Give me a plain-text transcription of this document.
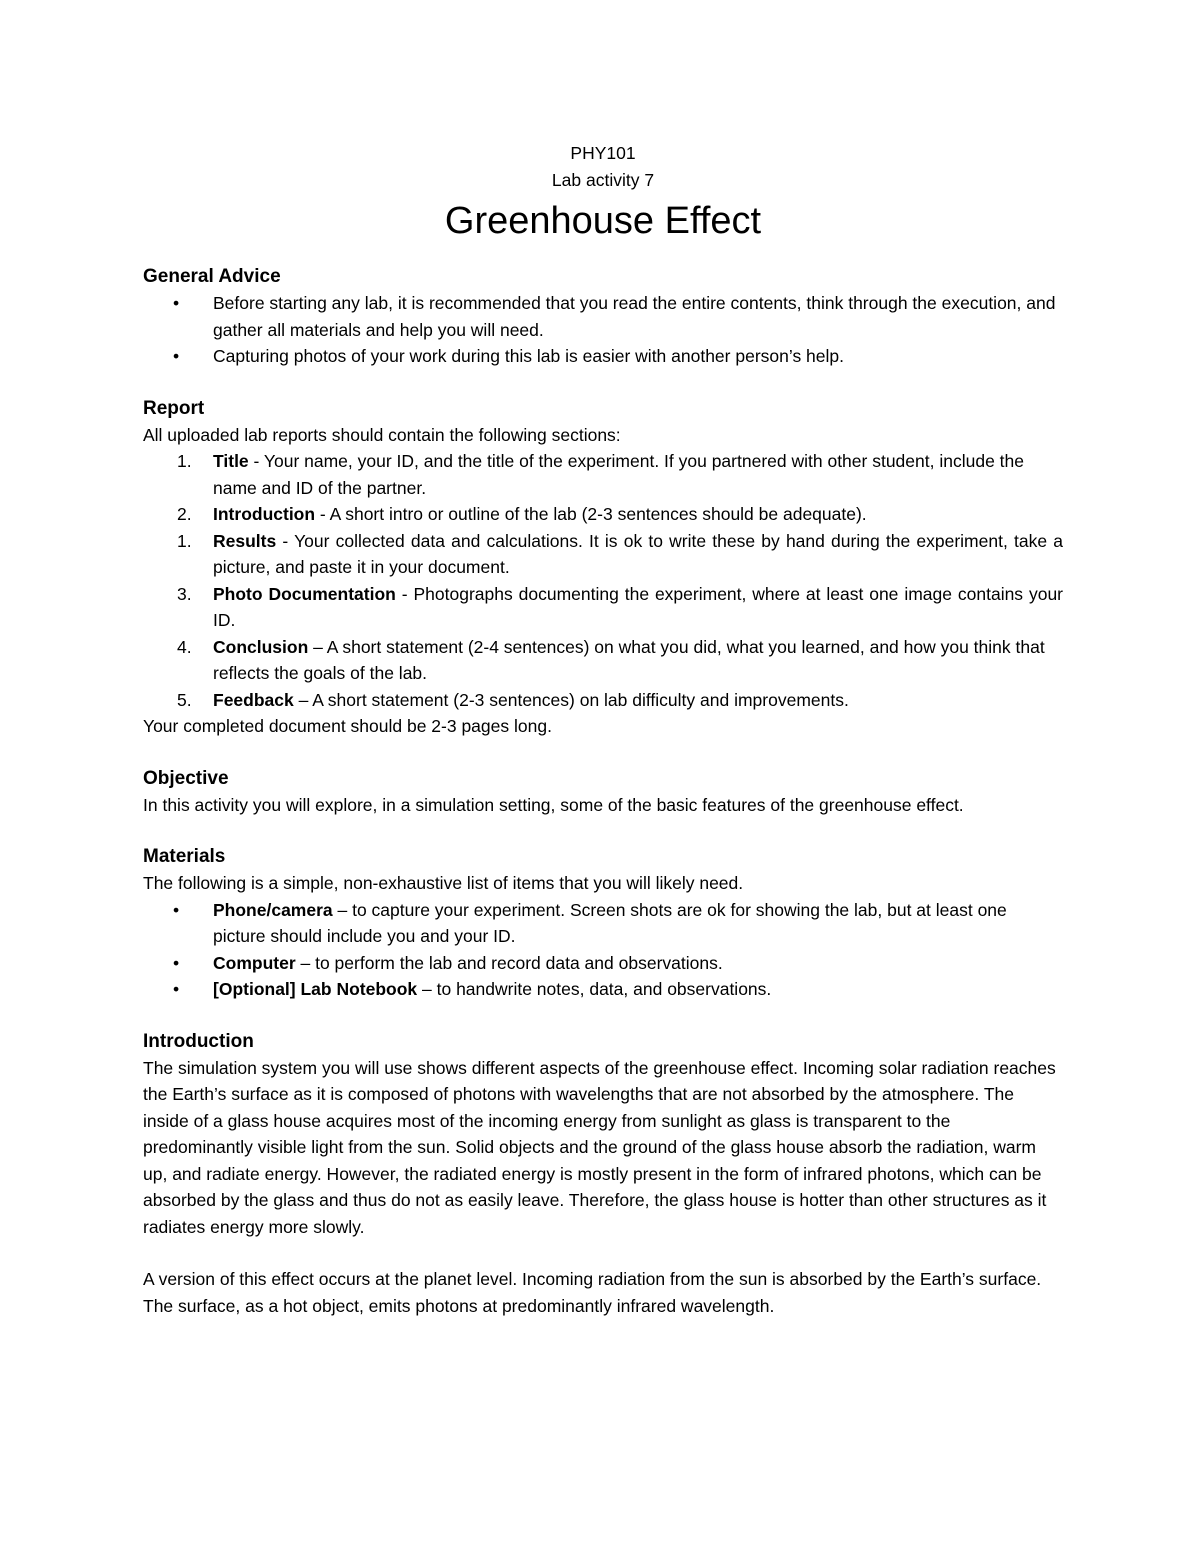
PHY101
Lab activity 7
Greenhouse Effect
General Advice
•	Before starting any lab, it is recommended that you read the entire contents, think through the execution, and gather all materials and help you will need.
•	Capturing photos of your work during this lab is easier with another person’s help.
Report

All uploaded lab reports should contain the following sections:

1.	Title - Your name, your ID, and the title of the experiment. If you partnered with other student, include the name and ID of the partner.
2.	Introduction - A short intro or outline of the lab (2-3 sentences should be adequate).
1.	Results - Your collected data and calculations. It is ok to write these by hand during the experiment, take a picture, and paste it in your document.
3.	Photo Documentation - Photographs documenting the experiment, where at least one image contains your ID.
4.	Conclusion – A short statement (2-4 sentences) on what you did, what you learned, and how you think that reflects the goals of the lab.
5.	Feedback – A short statement (2-3 sentences) on lab difficulty and improvements.

Your completed document should be 2-3 pages long.

Objective

In this activity you will explore, in a simulation setting, some of the basic features of the greenhouse effect.

Materials

The following is a simple, non-exhaustive list of items that you will likely need.

•	Phone/camera – to capture your experiment. Screen shots are ok for showing the lab, but at least one picture should include you and your ID.
•	Computer – to perform the lab and record data and observations.
•	[Optional] Lab Notebook – to handwrite notes, data, and observations.
Introduction

The simulation system you will use shows different aspects of the greenhouse effect. Incoming solar radiation reaches the Earth’s surface as it is composed of photons with wavelengths that are not absorbed by the atmosphere. The inside of a glass house acquires most of the incoming energy from sunlight as glass is transparent to the predominantly visible light from the sun. Solid objects and the ground of the glass house absorb the radiation, warm up, and radiate energy. However, the radiated energy is mostly present in the form of infrared photons, which can be absorbed by the glass and thus do not as easily leave. Therefore, the glass house is hotter than other structures as it radiates energy more slowly.

A version of this effect occurs at the planet level. Incoming radiation from the sun is absorbed by the Earth’s surface. The surface, as a hot object, emits photons at predominantly infrared wavelength.
